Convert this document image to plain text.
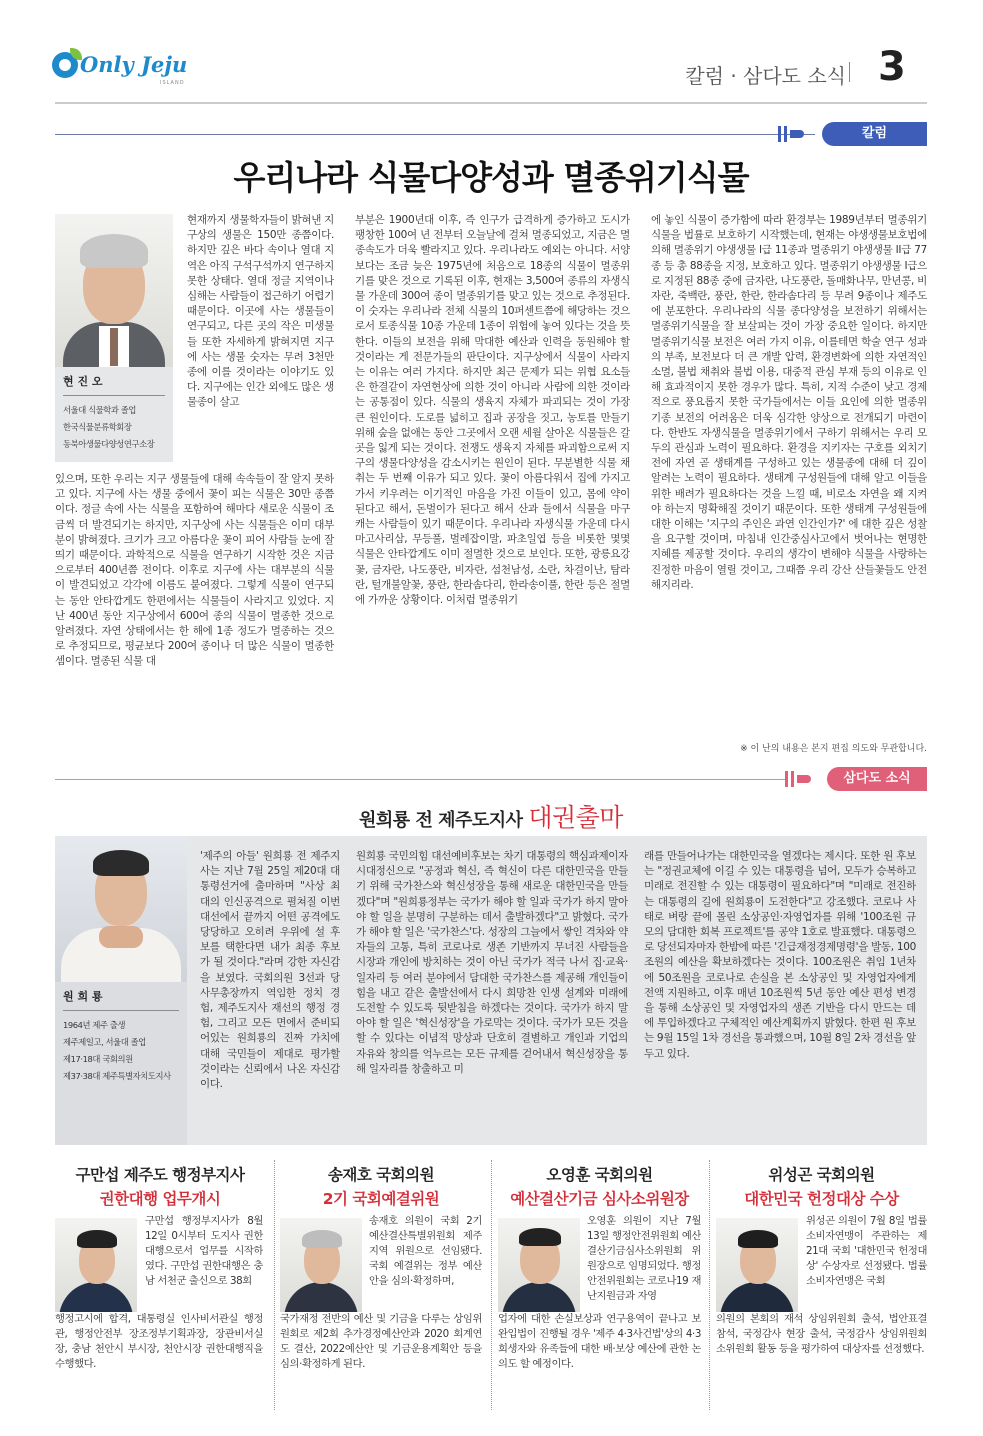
Only Jeju
ISLAND	칼럼 · 삼다도 소식 3
칼럼
우리나라 식물다양성과 멸종위기식물
현 진 오
서울대 식물학과 졸업
한국식물분류학회장
동북아생물다양성연구소장
현재까지 생물학자들이 밝혀낸 지구상의 생물은 150만 종쯤이다. 하지만 깊은 바다 속이나 열대 지역은 아직 구석구석까지 연구하지 못한 상태다. 열대 정글 지역이나 심해는 사람들이 접근하기 어렵기 때문이다. 이곳에 사는 생물들이 연구되고, 다른 곳의 작은 미생물들 또한 자세하게 밝혀지면 지구에 사는 생물 숫자는 무려 3천만 종에 이를 것이라는 이야기도 있다. 지구에는 인간 외에도 많은 생물종이 살고
있으며, 또한 우리는 지구 생물들에 대해 속속들이 잘 알지 못하고 있다. 지구에 사는 생물 중에서 꽃이 피는 식물은 30만 종쯤이다. 정글 속에 사는 식물을 포함하여 해마다 새로운 식물이 조금씩 더 발견되기는 하지만, 지구상에 사는 식물들은 이미 대부분이 밝혀졌다. 크기가 크고 아름다운 꽃이 피어 사람들 눈에 잘 띄기 때문이다. 과학적으로 식물을 연구하기 시작한 것은 지금으로부터 400년쯤 전이다. 이후로 지구에 사는 대부분의 식물이 발견되었고 각각에 이름도 붙여졌다. 그렇게 식물이 연구되는 동안 안타깝게도 한편에서는 식물들이 사라지고 있었다. 지난 400년 동안 지구상에서 600여 종의 식물이 멸종한 것으로 알려졌다. 자연 상태에서는 한 해에 1종 정도가 멸종하는 것으로 추정되므로, 평균보다 200여 종이나 더 많은 식물이 멸종한 셈이다. 멸종된 식물 대
부분은 1900년대 이후, 즉 인구가 급격하게 증가하고 도시가 팽창한 100여 년 전부터 오늘날에 걸쳐 멸종되었고, 지금은 멸종속도가 더욱 빨라지고 있다. 우리나라도 예외는 아니다. 서양보다는 조금 늦은 1975년에 처음으로 18종의 식물이 멸종위기를 맞은 것으로 기록된 이후, 현재는 3,500여 종류의 자생식물 가운데 300여 종이 멸종위기를 맞고 있는 것으로 추정된다. 이 숫자는 우리나라 전체 식물의 10퍼센트쯤에 해당하는 것으로서 토종식물 10종 가운데 1종이 위험에 놓여 있다는 것을 뜻한다. 이들의 보전을 위해 막대한 예산과 인력을 동원해야 할 것이라는 게 전문가들의 판단이다. 지구상에서 식물이 사라지는 이유는 여러 가지다. 하지만 최근 문제가 되는 위협 요소들은 한결같이 자연현상에 의한 것이 아니라 사람에 의한 것이라는 공통점이 있다. 식물의 생육지 자체가 파괴되는 것이 가장 큰 원인이다. 도로를 넓히고 집과 공장을 짓고, 농토를 만들기 위해 숲을 없애는 동안 그곳에서 오랜 세월 살아온 식물들은 갈 곳을 잃게 되는 것이다. 전쟁도 생육지 자체를 파괴함으로써 지구의 생물다양성을 감소시키는 원인이 된다. 무분별한 식물 채취는 두 번째 이유가 되고 있다. 꽃이 아름다워서 집에 가지고 가서 키우려는 이기적인 마음을 가진 이들이 있고, 몸에 약이 된다고 해서, 돈벌이가 된다고 해서 산과 들에서 식물을 마구 캐는 사람들이 있기 때문이다. 우리나라 자생식물 가운데 다시마고사리삼, 무등풀, 벌레잡이말, 파초일엽 등을 비롯한 몇몇 식물은 안타깝게도 이미 절멸한 것으로 보인다. 또한, 광릉요강꽃, 금자란, 나도풍란, 비자란, 섬천남성, 소란, 차걸이난, 탐라란, 털개불알꽃, 풍란, 한라솜다리, 한라송이풀, 한란 등은 절멸에 가까운 상황이다. 이처럼 멸종위기
에 놓인 식물이 증가함에 따라 환경부는 1989년부터 멸종위기식물을 법률로 보호하기 시작했는데, 현재는 야생생물보호법에 의해 멸종위기 야생생물 I급 11종과 멸종위기 야생생물 II급 77종 등 총 88종을 지정, 보호하고 있다. 멸종위기 야생생물 I급으로 지정된 88종 중에 금자란, 나도풍란, 돌매화나무, 만년콩, 비자란, 죽백란, 풍란, 한란, 한라솜다리 등 무려 9종이나 제주도에 분포한다. 우리나라의 식물 종다양성을 보전하기 위해서는 멸종위기식물을 잘 보살피는 것이 가장 중요한 일이다. 하지만 멸종위기식물 보전은 여러 가지 이유, 이를테면 학술 연구 성과의 부족, 보전보다 더 큰 개발 압력, 환경변화에 의한 자연적인 소멸, 불법 채취와 불법 이용, 대중적 관심 부재 등의 이유로 인해 효과적이지 못한 경우가 많다. 특히, 지적 수준이 낮고 경제적으로 풍요롭지 못한 국가들에서는 이들 요인에 의한 멸종위기종 보전의 어려움은 더욱 심각한 양상으로 전개되기 마련이다. 한반도 자생식물을 멸종위기에서 구하기 위해서는 우리 모두의 관심과 노력이 필요하다. 환경을 지키자는 구호를 외치기 전에 자연 곧 생태계를 구성하고 있는 생물종에 대해 더 깊이 알려는 노력이 필요하다. 생태계 구성원들에 대해 알고 이들을 위한 배려가 필요하다는 것을 느낄 때, 비로소 자연을 왜 지켜야 하는지 명확해질 것이기 때문이다. 또한 생태계 구성원들에 대한 이해는 '지구의 주인은 과연 인간인가?' 에 대한 깊은 성찰을 요구할 것이며, 마침내 인간중심사고에서 벗어나는 현명한 지혜를 제공할 것이다. 우리의 생각이 변해야 식물을 사랑하는 진정한 마음이 열릴 것이고, 그때쯤 우리 강산 산들꽃들도 안전해지리라.
※ 이 난의 내용은 본지 편집 의도와 무관합니다.
삼다도 소식
원희룡 전 제주도지사 대권출마
원 희 룡
1964년 제주 출생
제주제일고, 서울대 졸업
제17·18대 국회의원
제37·38대 제주특별자치도지사
'제주의 아들' 원희룡 전 제주지사는 지난 7월 25일 제20대 대통령선거에 출마하며 "사상 최대의 인신공격으로 펼쳐질 이번 대선에서 끝까지 어떤 공격에도 당당하고 오히려 우위에 설 후보를 택한다면 내가 최종 후보가 될 것이다."라며 강한 자신감을 보였다. 국회의원 3선과 당 사무총장까지 역임한 정치 경험, 제주도지사 재선의 행정 경험, 그리고 모든 면에서 준비되어있는 원희룡의 진짜 가치에 대해 국민들이 제대로 평가할 것이라는 신뢰에서 나온 자신감이다.
원희룡 국민의힘 대선예비후보는 차기 대통령의 핵심과제이자 시대정신으로 "공정과 혁신, 즉 혁신이 다른 대한민국을 만들기 위해 국가찬스와 혁신성장을 통해 새로운 대한민국을 만들겠다"며 "원희룡정부는 국가가 해야 할 일과 국가가 하지 말아야 할 일을 분명히 구분하는 데서 출발하겠다"고 밝혔다. 국가가 해야 할 일은 '국가찬스'다. 성장의 그늘에서 쌓인 격차와 약자들의 고통, 특히 코로나로 생존 기반까지 무너진 사람들을 시장과 개인에 방치하는 것이 아닌 국가가 적극 나서 집·교육·일자리 등 여러 분야에서 담대한 국가찬스를 제공해 개인들이 힘을 내고 같은 출발선에서 다시 희망찬 인생 설계와 미래에 도전할 수 있도록 뒷받침을 하겠다는 것이다. 국가가 하지 말아야 할 일은 '혁신성장'을 가로막는 것이다. 국가가 모든 것을 할 수 있다는 이념적 망상과 단호히 결별하고 개인과 기업의 자유와 창의를 억누르는 모든 규제를 걷어내서 혁신성장을 통해 일자리를 창출하고 미
래를 만들어나가는 대한민국을 열겠다는 제시다. 또한 원 후보는 "정권교체에 이길 수 있는 대통령을 넘어, 모두가 승복하고 미래로 전진할 수 있는 대통령이 필요하다"며 "미래로 전진하는 대통령의 길에 원희룡이 도전한다"고 강조했다. 코로나 사태로 벼랑 끝에 몰린 소상공인·자영업자를 위해 '100조원 규모의 담대한 회복 프로젝트'를 공약 1호로 발표했다. 대통령으로 당선되자마자 한밤에 따른 '긴급재정경제명령'을 발동, 100조원의 예산을 확보하겠다는 것이다. 100조원은 취임 1년차에 50조원을 코로나로 손실을 본 소상공인 및 자영업자에게 전액 지원하고, 이후 매년 10조원씩 5년 동안 예산 편성 변경을 통해 소상공인 및 자영업자의 생존 기반을 다시 만드는 데에 투입하겠다고 구체적인 예산계획까지 밝혔다. 한편 원 후보는 9월 15일 1차 경선을 통과했으며, 10월 8일 2차 경선을 앞두고 있다.
구만섭 제주도 행정부지사
권한대행 업무개시
구만섭 행정부지사가 8월 12일 0시부터 도지사 권한대행으로서 업무를 시작하였다. 구만섭 권한대행은 충남 서천군 출신으로 38회
행정고시에 합격, 대통령실 인사비서관실 행정관, 행정안전부 장조정부기획과장, 장관비서실장, 충남 천안시 부시장, 천안시장 권한대행직을 수행했다.
송재호 국회의원
2기 국회예결위원
송재호 의원이 국회 2기 예산결산특별위원회 제주지역 위원으로 선임됐다. 국회 예결위는 정부 예산안을 심의·확정하며,
국가재정 전반의 예산 및 기금을 다루는 상임위원회로 제2회 추가경정예산안과 2020 회계연도 결산, 2022예산안 및 기금운용계획안 등을 심의·확정하게 된다.
오영훈 국회의원
예산결산기금 심사소위원장
오영훈 의원이 지난 7월 13일 행정안전위원회 예산결산기금심사소위원회 위원장으로 임명되었다. 행정안전위원회는 코로나19 재난지원금과 자영
업자에 대한 손실보상과 연구용역이 끝나고 보완입법이 진행될 경우 '제주 4·3사건법'상의 4·3희생자와 유족들에 대한 배·보상 예산에 관한 논의도 할 예정이다.
위성곤 국회의원
대한민국 헌정대상 수상
위성곤 의원이 7월 8일 법률소비자연맹이 주관하는 제21대 국회 '대한민국 헌정대상' 수상자로 선정됐다. 법률소비자연맹은 국회
의원의 본회의 재석 상임위원회 출석, 법안표결 참석, 국정감사 현장 출석, 국정감사 상임위원회 소위원회 활동 등을 평가하여 대상자를 선정했다.
